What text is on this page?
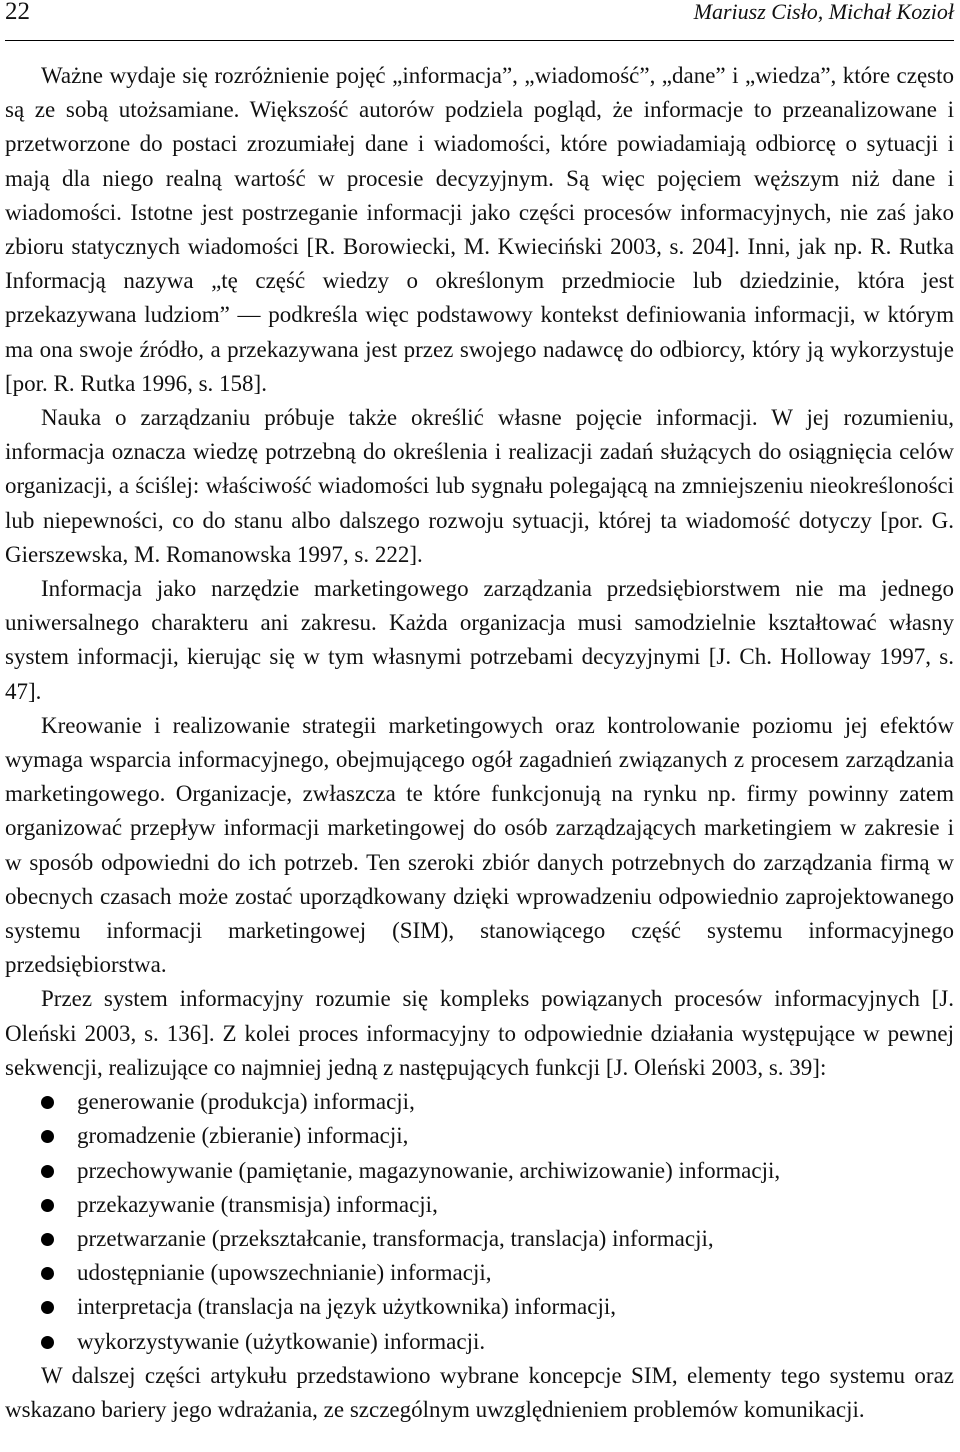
22	Mariusz Cisło, Michał Kozioł

Ważne wydaje się rozróżnienie pojęć „informacja”, „wiadomość”, „dane” i „wiedza”, które często są ze sobą utożsamiane. Większość autorów podziela pogląd, że informacje to przeanalizowane i przetworzone do postaci zrozumiałej dane i wiadomości, które powiadamiają odbiorcę o sytuacji i mają dla niego realną wartość w procesie decyzyjnym. Są więc pojęciem węższym niż dane i wiadomości. Istotne jest postrzeganie informacji jako części procesów informacyjnych, nie zaś jako zbioru statycznych wiadomości [R. Borowiecki, M. Kwieciński 2003, s. 204]. Inni, jak np. R. Rutka Informacją nazywa „tę część wiedzy o określonym przedmiocie lub dziedzinie, która jest przekazywana ludziom” — podkreśla więc podstawowy kontekst definiowania informacji, w którym ma ona swoje źródło, a przekazywana jest przez swojego nadawcę do odbiorcy, który ją wykorzystuje [por. R. Rutka 1996, s. 158].

Nauka o zarządzaniu próbuje także określić własne pojęcie informacji. W jej rozumieniu, informacja oznacza wiedzę potrzebną do określenia i realizacji zadań służących do osiągnięcia celów organizacji, a ściślej: właściwość wiadomości lub sygnału polegającą na zmniejszeniu nieokreśloności lub niepewności, co do stanu albo dalszego rozwoju sytuacji, której ta wiadomość dotyczy [por. G. Gierszewska, M. Romanowska 1997, s. 222].

Informacja jako narzędzie marketingowego zarządzania przedsiębiorstwem nie ma jednego uniwersalnego charakteru ani zakresu. Każda organizacja musi samodzielnie kształtować własny system informacji, kierując się w tym własnymi potrzebami decyzyjnymi [J. Ch. Holloway 1997, s. 47].

Kreowanie i realizowanie strategii marketingowych oraz kontrolowanie poziomu jej efektów wymaga wsparcia informacyjnego, obejmującego ogół zagadnień związanych z procesem zarządzania marketingowego. Organizacje, zwłaszcza te które funkcjonują na rynku np. firmy powinny zatem organizować przepływ informacji marketingowej do osób zarządzających marketingiem w zakresie i w sposób odpowiedni do ich potrzeb. Ten szeroki zbiór danych potrzebnych do zarządzania firmą w obecnych czasach może zostać uporządkowany dzięki wprowadzeniu odpowiednio zaprojektowanego systemu informacji marketingowej (SIM), stanowiącego część systemu informacyjnego przedsiębiorstwa.

Przez system informacyjny rozumie się kompleks powiązanych procesów informacyjnych [J. Oleński 2003, s. 136]. Z kolei proces informacyjny to odpowiednie działania występujące w pewnej sekwencji, realizujące co najmniej jedną z następujących funkcji [J. Oleński 2003, s. 39]:

generowanie (produkcja) informacji,
gromadzenie (zbieranie) informacji,
przechowywanie (pamiętanie, magazynowanie, archiwizowanie) informacji,
przekazywanie (transmisja) informacji,
przetwarzanie (przekształcanie, transformacja, translacja) informacji,
udostępnianie (upowszechnianie) informacji,
interpretacja (translacja na język użytkownika) informacji,
wykorzystywanie (użytkowanie) informacji.

W dalszej części artykułu przedstawiono wybrane koncepcje SIM, elementy tego systemu oraz wskazano bariery jego wdrażania, ze szczególnym uwzględnieniem problemów komunikacji.
